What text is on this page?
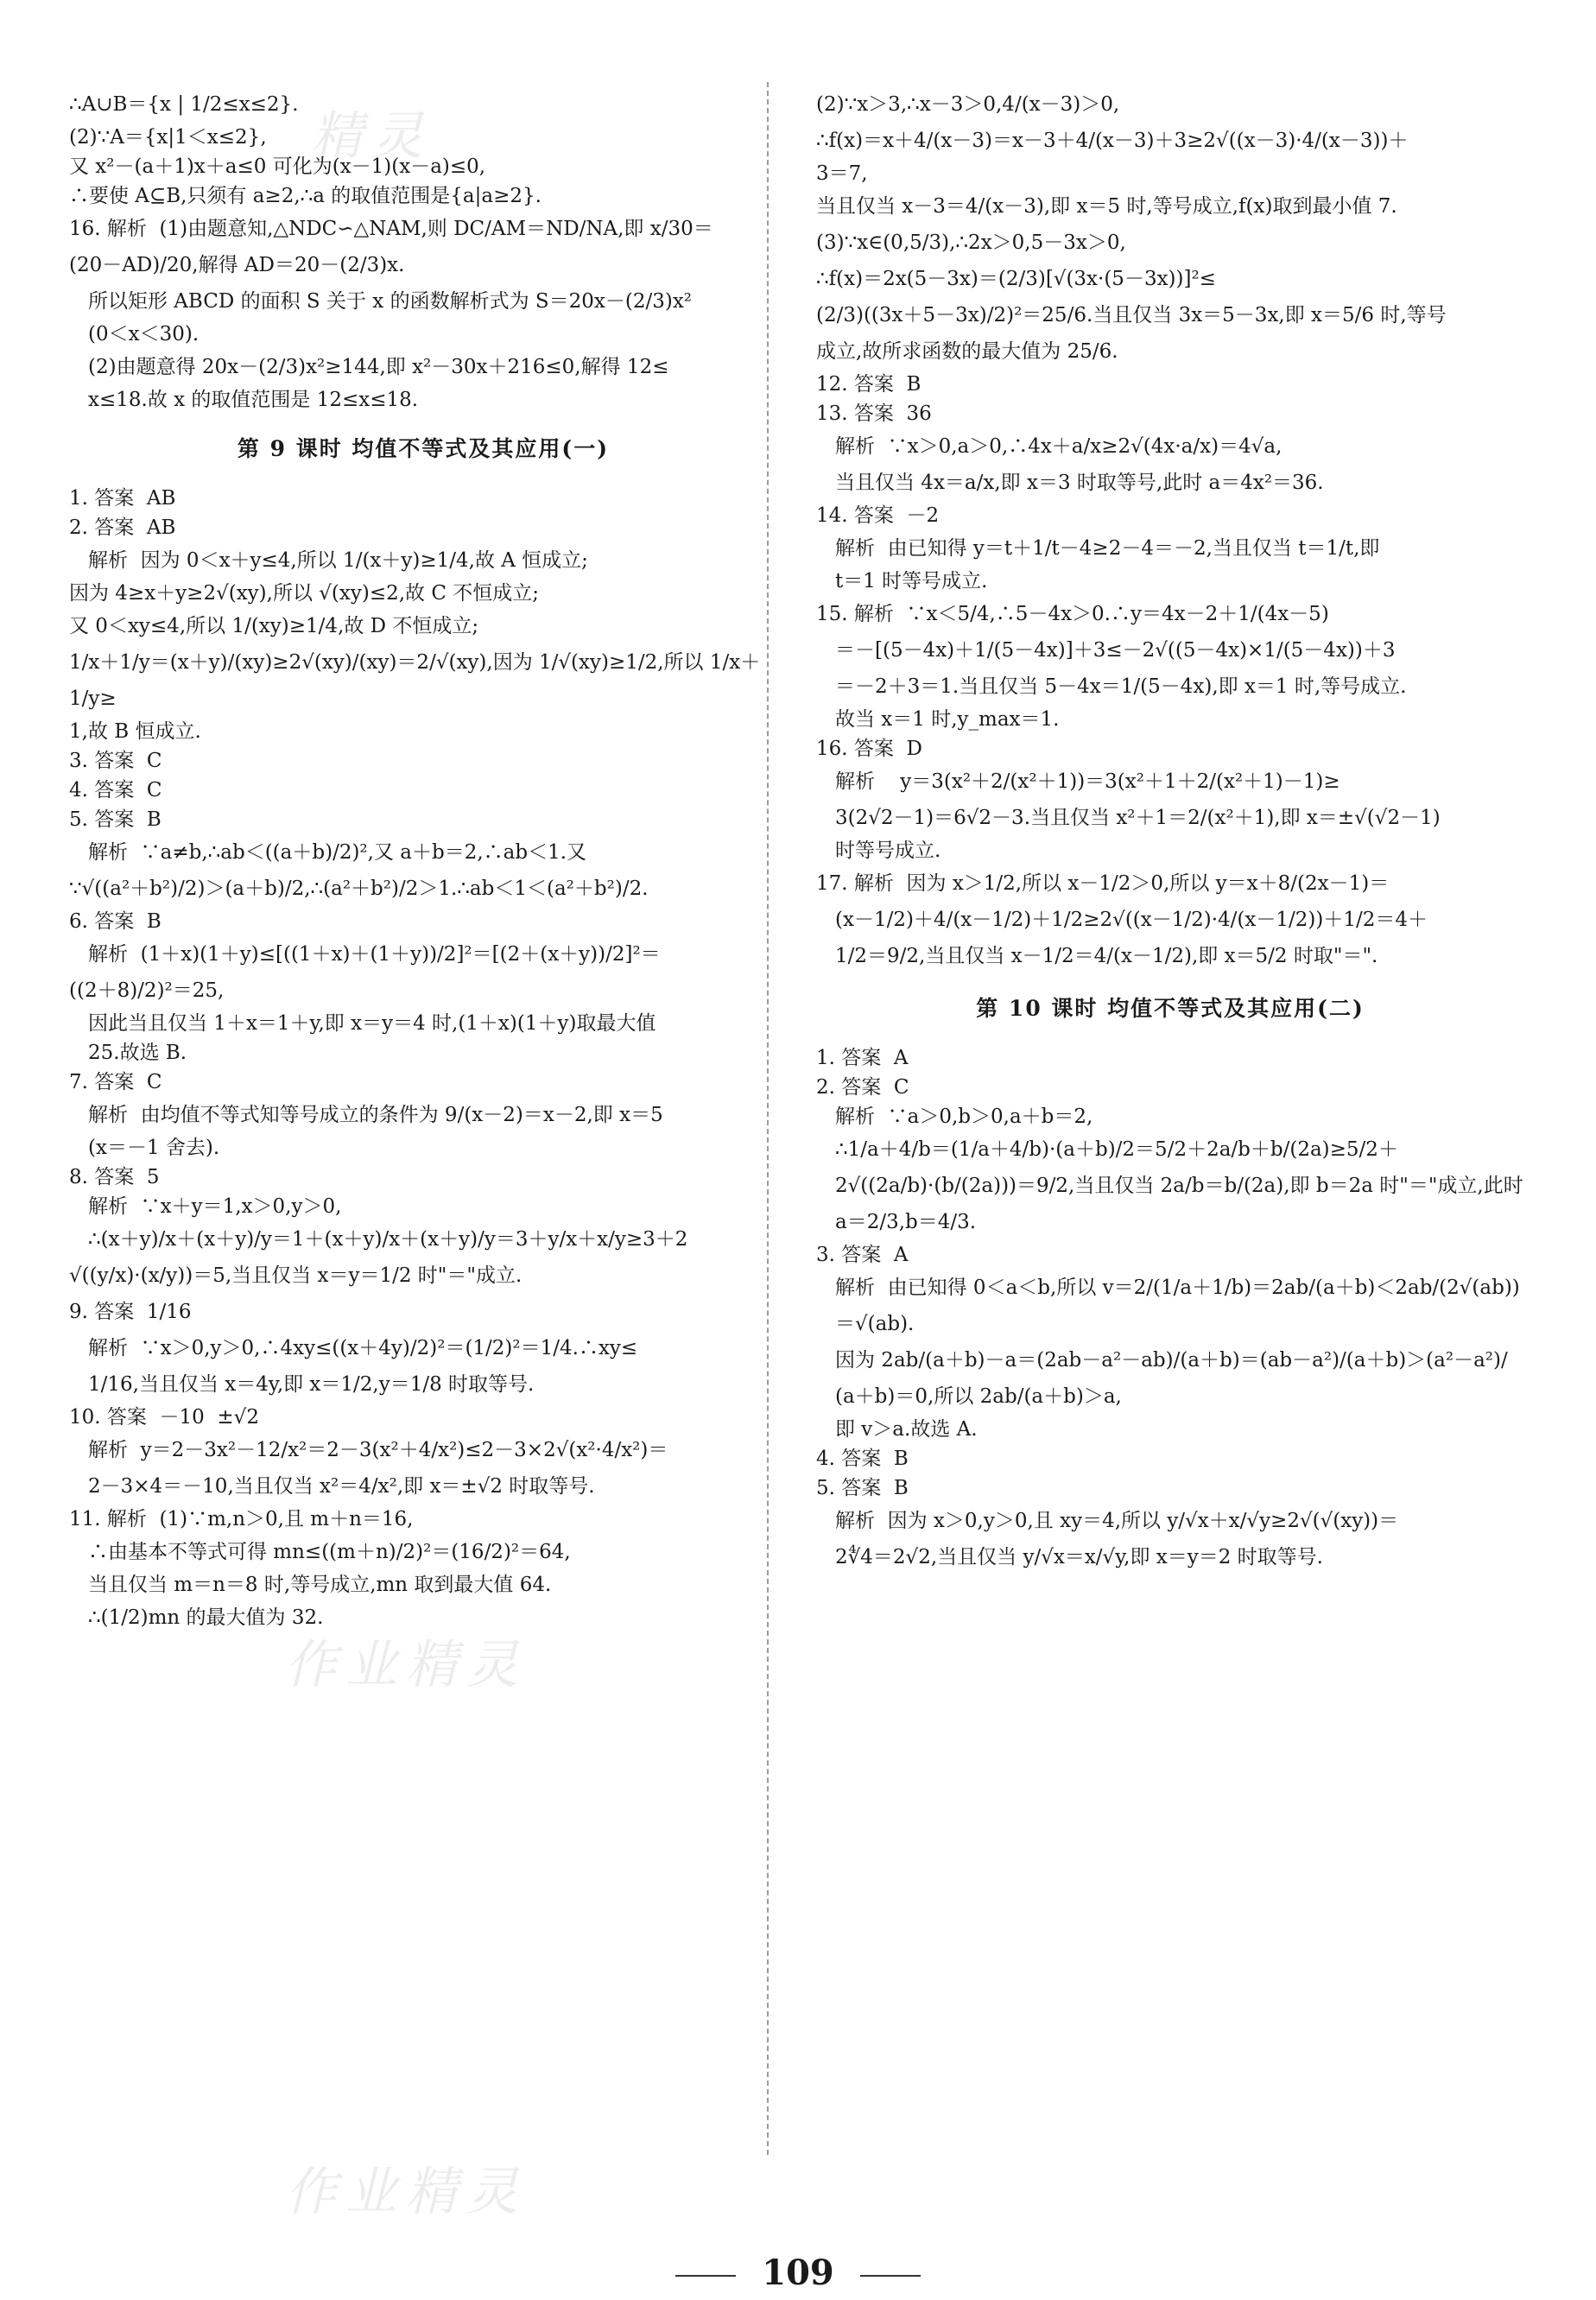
精灵
作业精灵
作业精灵
∴A∪B＝{x | 1/2≤x≤2}.
(2)∵A＝{x|1＜x≤2},
又 x²－(a＋1)x＋a≤0 可化为(x－1)(x－a)≤0,
∴要使 A⊆B,只须有 a≥2,∴a 的取值范围是{a|a≥2}.
16. 解析  (1)由题意知,△NDC∽△NAM,则 DC/AM＝ND/NA,即 x/30＝
(20－AD)/20,解得 AD＝20－(2/3)x.
所以矩形 ABCD 的面积 S 关于 x 的函数解析式为 S＝20x－(2/3)x²
(0＜x＜30).
(2)由题意得 20x－(2/3)x²≥144,即 x²－30x＋216≤0,解得 12≤
x≤18.故 x 的取值范围是 12≤x≤18.
第 9 课时 均值不等式及其应用(一)
1. 答案  AB
2. 答案  AB
解析  因为 0＜x＋y≤4,所以 1/(x＋y)≥1/4,故 A 恒成立;
因为 4≥x＋y≥2√(xy),所以 √(xy)≤2,故 C 不恒成立;
又 0＜xy≤4,所以 1/(xy)≥1/4,故 D 不恒成立;
1/x＋1/y＝(x＋y)/(xy)≥2√(xy)/(xy)＝2/√(xy),因为 1/√(xy)≥1/2,所以 1/x＋1/y≥
1,故 B 恒成立.
3. 答案  C
4. 答案  C
5. 答案  B
解析  ∵a≠b,∴ab＜((a＋b)/2)²,又 a＋b＝2,∴ab＜1.又
∵√((a²＋b²)/2)＞(a＋b)/2,∴(a²＋b²)/2＞1.∴ab＜1＜(a²＋b²)/2.
6. 答案  B
解析  (1＋x)(1＋y)≤[((1＋x)＋(1＋y))/2]²＝[(2＋(x＋y))/2]²＝
((2＋8)/2)²＝25,
因此当且仅当 1＋x＝1＋y,即 x＝y＝4 时,(1＋x)(1＋y)取最大值
25.故选 B.
7. 答案  C
解析  由均值不等式知等号成立的条件为 9/(x－2)＝x－2,即 x＝5
(x＝－1 舍去).
8. 答案  5
解析  ∵x＋y＝1,x＞0,y＞0,
∴(x＋y)/x＋(x＋y)/y＝1＋(x＋y)/x＋(x＋y)/y＝3＋y/x＋x/y≥3＋2
√((y/x)·(x/y))＝5,当且仅当 x＝y＝1/2 时"＝"成立.
9. 答案  1/16
解析  ∵x＞0,y＞0,∴4xy≤((x＋4y)/2)²＝(1/2)²＝1/4.∴xy≤
1/16,当且仅当 x＝4y,即 x＝1/2,y＝1/8 时取等号.
10. 答案  －10  ±√2
解析  y＝2－3x²－12/x²＝2－3(x²＋4/x²)≤2－3×2√(x²·4/x²)＝
2－3×4＝－10,当且仅当 x²＝4/x²,即 x＝±√2 时取等号.
11. 解析  (1)∵m,n＞0,且 m＋n＝16,
∴由基本不等式可得 mn≤((m＋n)/2)²＝(16/2)²＝64,
当且仅当 m＝n＝8 时,等号成立,mn 取到最大值 64.
∴(1/2)mn 的最大值为 32.
(2)∵x＞3,∴x－3＞0,4/(x－3)＞0,
∴f(x)＝x＋4/(x－3)＝x－3＋4/(x－3)＋3≥2√((x－3)·4/(x－3))＋
3＝7,
当且仅当 x－3＝4/(x－3),即 x＝5 时,等号成立,f(x)取到最小值 7.
(3)∵x∈(0,5/3),∴2x＞0,5－3x＞0,
∴f(x)＝2x(5－3x)＝(2/3)[√(3x·(5－3x))]²≤
(2/3)((3x＋5－3x)/2)²＝25/6.当且仅当 3x＝5－3x,即 x＝5/6 时,等号
成立,故所求函数的最大值为 25/6.
12. 答案  B
13. 答案  36
解析  ∵x＞0,a＞0,∴4x＋a/x≥2√(4x·a/x)＝4√a,
当且仅当 4x＝a/x,即 x＝3 时取等号,此时 a＝4x²＝36.
14. 答案  －2
解析  由已知得 y＝t＋1/t－4≥2－4＝－2,当且仅当 t＝1/t,即
t＝1 时等号成立.
15. 解析  ∵x＜5/4,∴5－4x＞0.∴y＝4x－2＋1/(4x－5)
＝－[(5－4x)＋1/(5－4x)]＋3≤－2√((5－4x)×1/(5－4x))＋3
＝－2＋3＝1.当且仅当 5－4x＝1/(5－4x),即 x＝1 时,等号成立.
故当 x＝1 时,y_max＝1.
16. 答案  D
解析    y＝3(x²＋2/(x²＋1))＝3(x²＋1＋2/(x²＋1)－1)≥
3(2√2－1)＝6√2－3.当且仅当 x²＋1＝2/(x²＋1),即 x＝±√(√2－1)
时等号成立.
17. 解析  因为 x＞1/2,所以 x－1/2＞0,所以 y＝x＋8/(2x－1)＝
(x－1/2)＋4/(x－1/2)＋1/2≥2√((x－1/2)·4/(x－1/2))＋1/2＝4＋
1/2＝9/2,当且仅当 x－1/2＝4/(x－1/2),即 x＝5/2 时取"＝".
第 10 课时 均值不等式及其应用(二)
1. 答案  A
2. 答案  C
解析  ∵a＞0,b＞0,a＋b＝2,
∴1/a＋4/b＝(1/a＋4/b)·(a＋b)/2＝5/2＋2a/b＋b/(2a)≥5/2＋
2√((2a/b)·(b/(2a)))＝9/2,当且仅当 2a/b＝b/(2a),即 b＝2a 时"＝"成立,此时
a＝2/3,b＝4/3.
3. 答案  A
解析  由已知得 0＜a＜b,所以 v＝2/(1/a＋1/b)＝2ab/(a＋b)＜2ab/(2√(ab))＝√(ab).
因为 2ab/(a＋b)－a＝(2ab－a²－ab)/(a＋b)＝(ab－a²)/(a＋b)＞(a²－a²)/(a＋b)＝0,所以 2ab/(a＋b)＞a,
即 v＞a.故选 A.
4. 答案  B
5. 答案  B
解析  因为 x＞0,y＞0,且 xy＝4,所以 y/√x＋x/√y≥2√(√(xy))＝
2∜4＝2√2,当且仅当 y/√x＝x/√y,即 x＝y＝2 时取等号.
109
